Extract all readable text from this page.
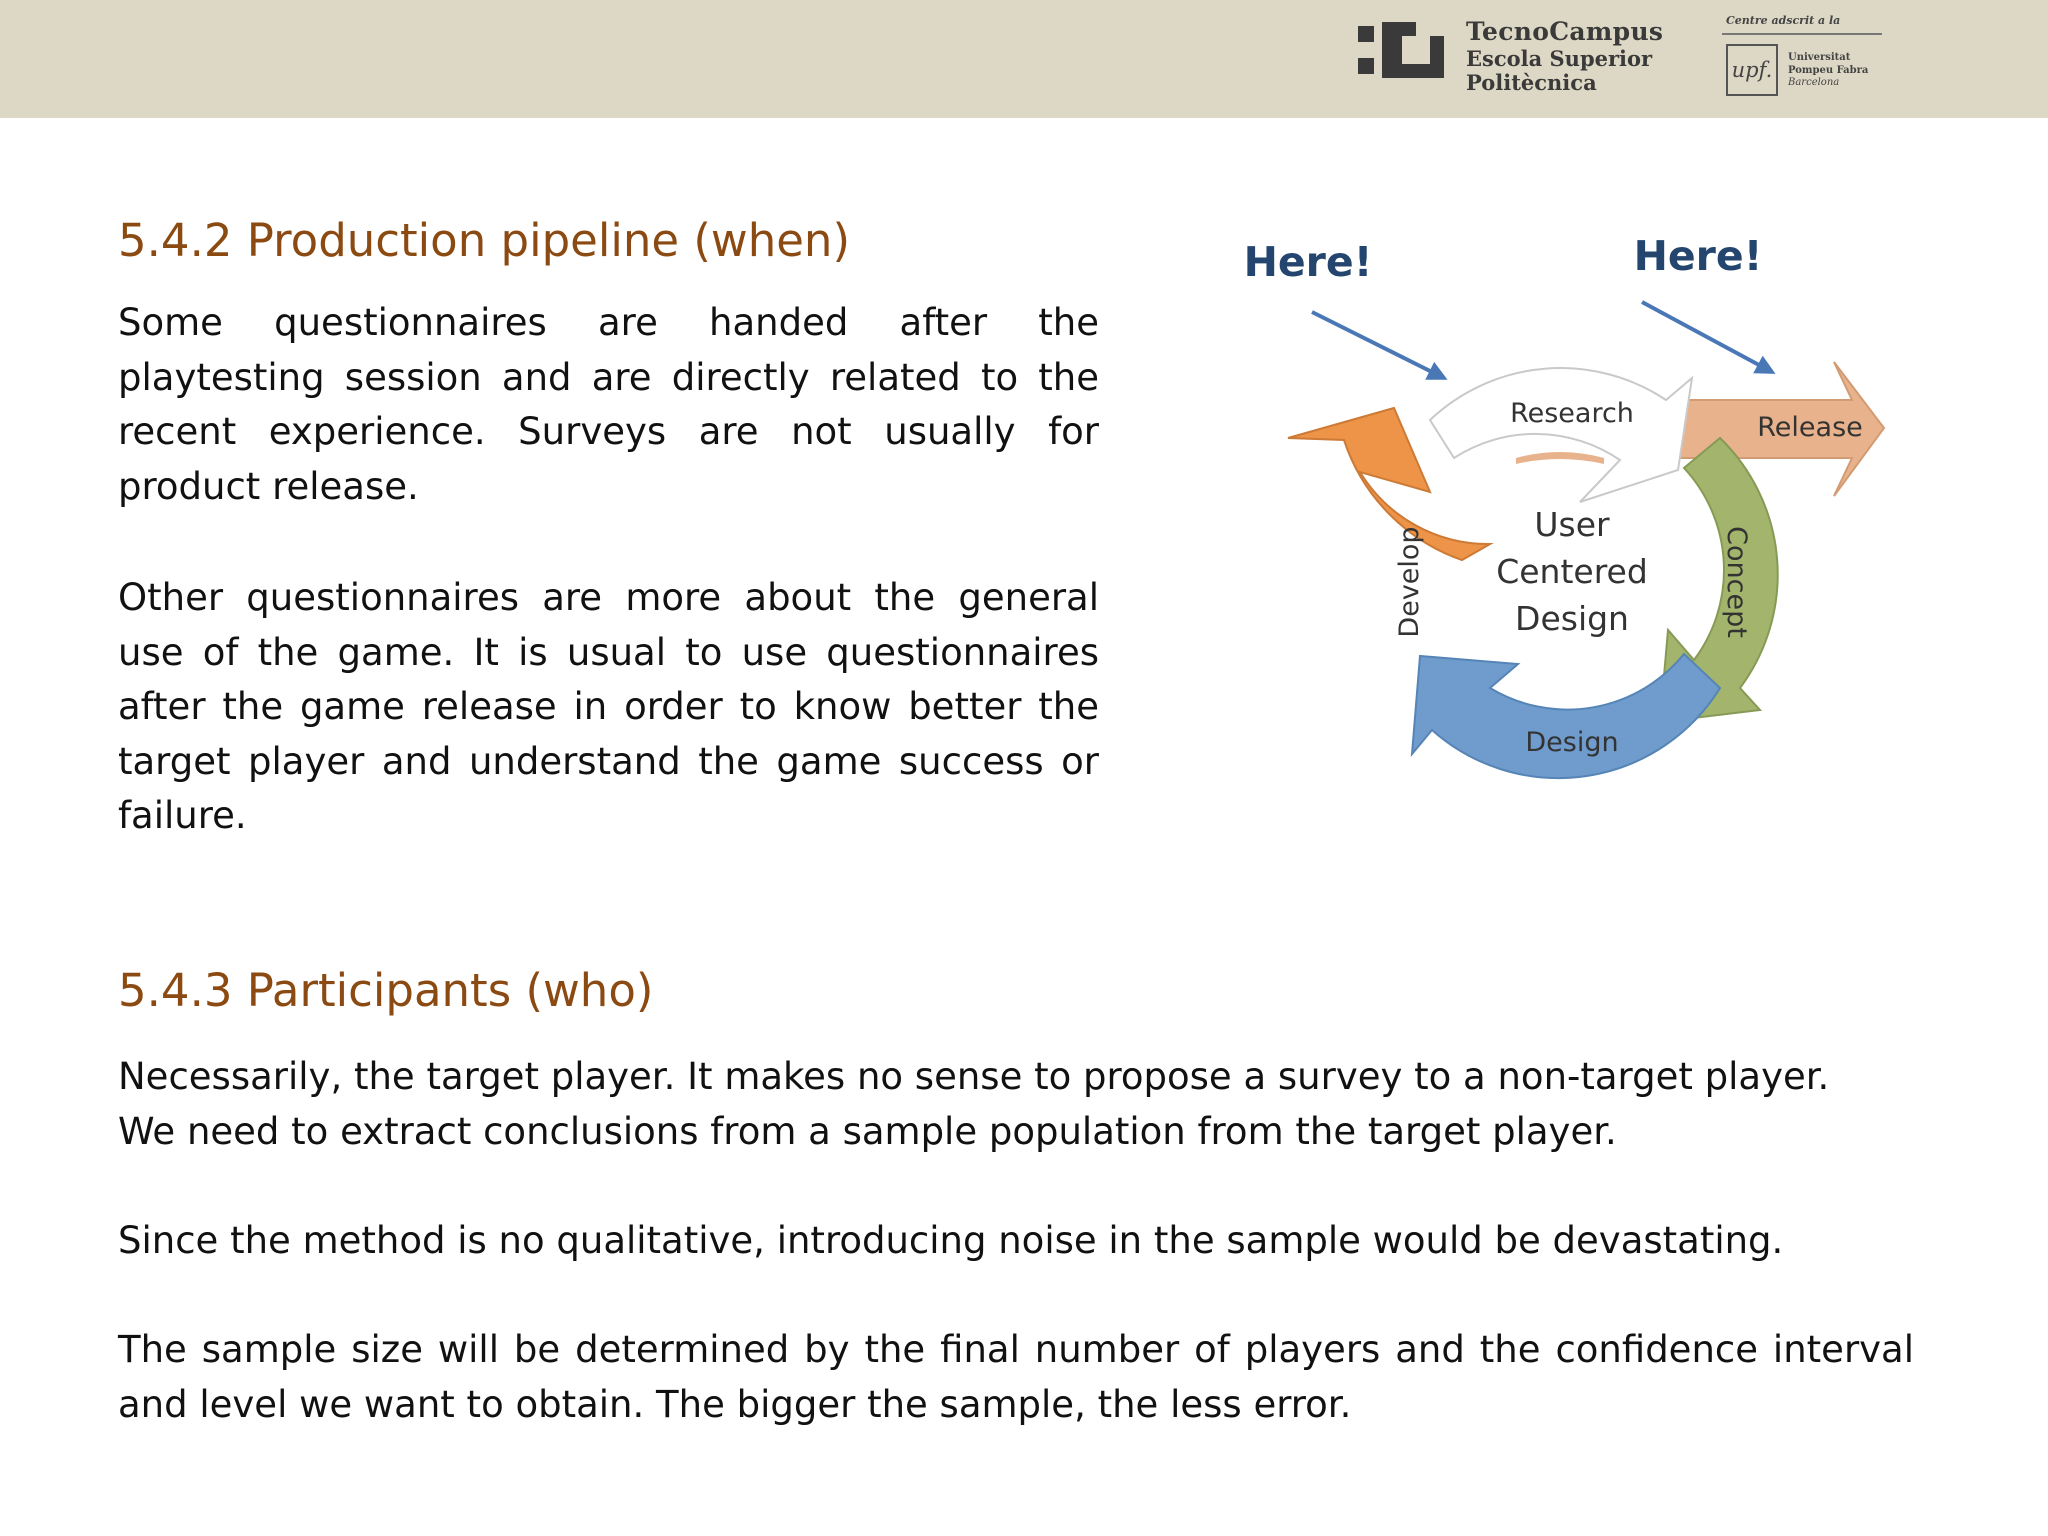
TecnoCampus
Escola Superior
Politècnica
Centre adscrit a la
upf.
Universitat
Pompeu Fabra
Barcelona
5.4.2 Production pipeline (when)
Some questionnaires are handed after the playtesting session and are directly related to the recent experience. Surveys are not usually for product release.
Other questionnaires are more about the general use of the game. It is usual to use questionnaires after the game release in order to know better the target player and understand the game success or failure.
Here!	Here!
Research	Release
Design
Develop	Concept
User
Centered
Design
5.4.3 Participants (who)
Necessarily, the target player. It makes no sense to propose a survey to a non-target player.
We need to extract conclusions from a sample population from the target player.
Since the method is no qualitative, introducing noise in the sample would be devastating.
The sample size will be determined by the final number of players and the confidence interval and level we want to obtain. The bigger the sample, the less error.
